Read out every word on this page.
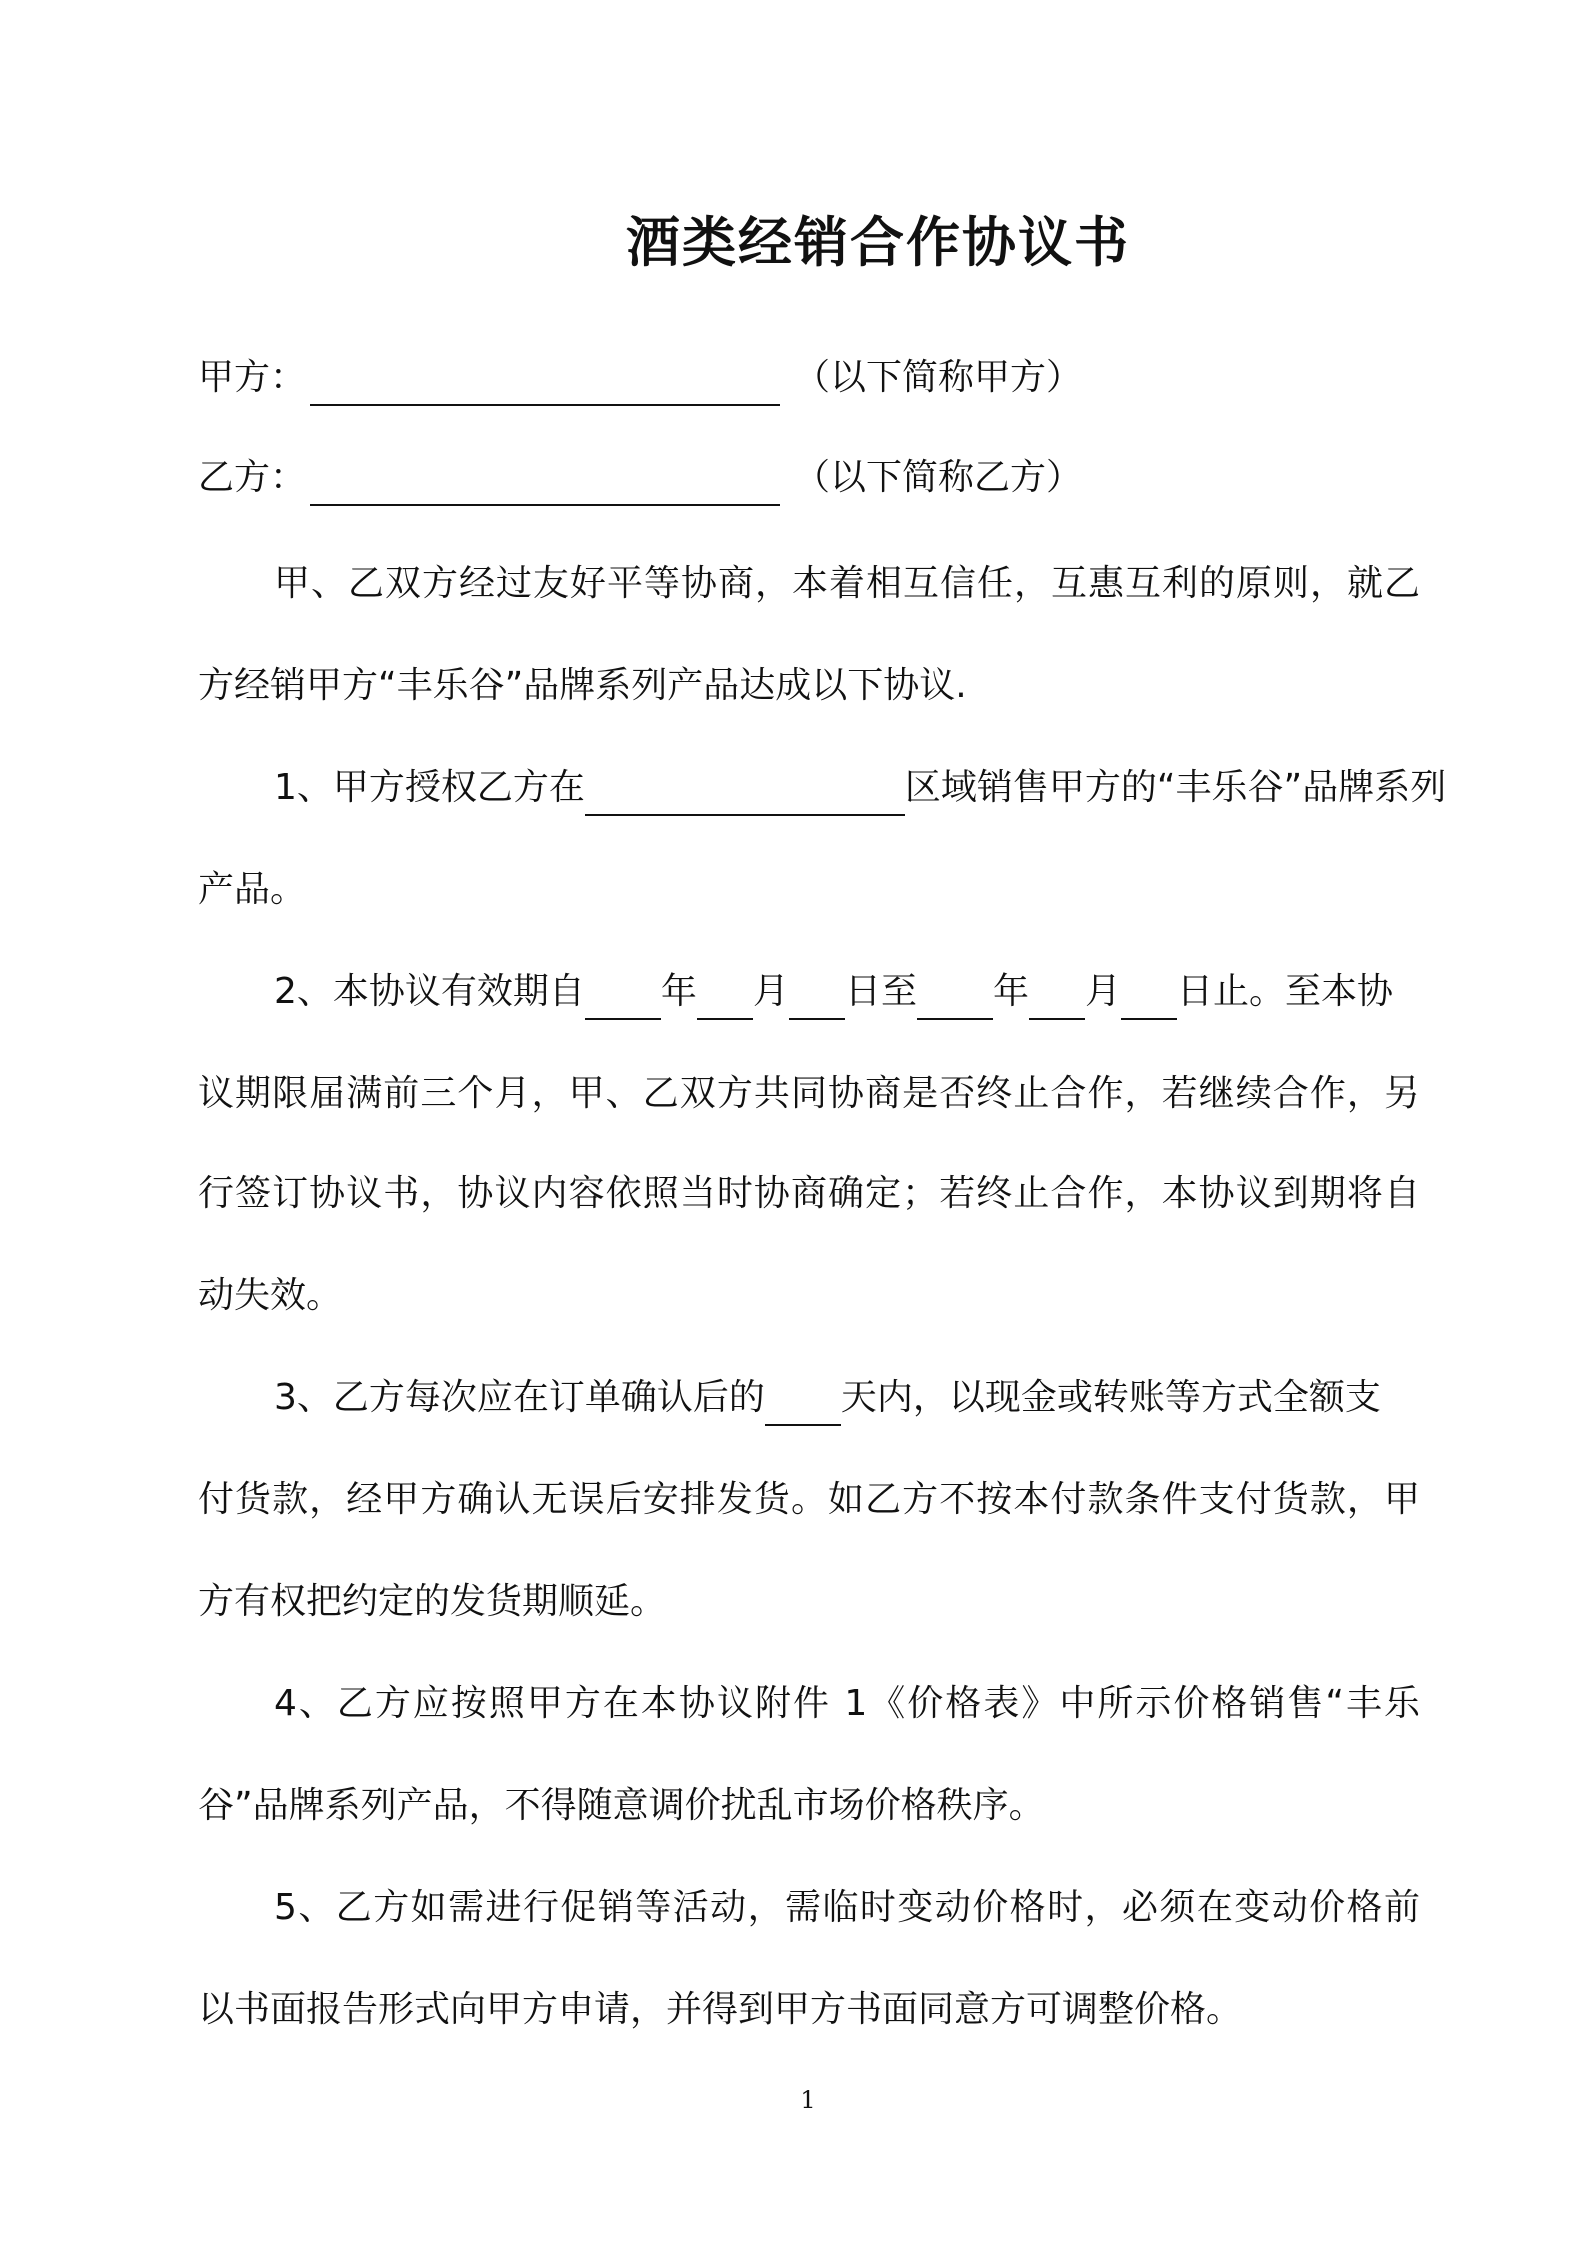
酒类经销合作协议书
甲方：	（以下简称甲方）
乙方：	（以下简称乙方）
甲、乙双方经过友好平等协商，本着相互信任，互惠互利的原则，就乙
方经销甲方“丰乐谷”品牌系列产品达成以下协议.
1、甲方授权乙方在	区域销售甲方的“丰乐谷”品牌系列
产品。
2、本协议有效期自 年 月 日至 年 月 日止。至本协
议期限届满前三个月，甲、乙双方共同协商是否终止合作，若继续合作，另
行签订协议书，协议内容依照当时协商确定；若终止合作，本协议到期将自
动失效。
3、乙方每次应在订单确认后的 天内，以现金或转账等方式全额支
付货款，经甲方确认无误后安排发货。如乙方不按本付款条件支付货款，甲
方有权把约定的发货期顺延。
4、乙方应按照甲方在本协议附件 1《价格表》中所示价格销售“丰乐
谷”品牌系列产品，不得随意调价扰乱市场价格秩序。
5、乙方如需进行促销等活动，需临时变动价格时，必须在变动价格前
以书面报告形式向甲方申请，并得到甲方书面同意方可调整价格。
1
